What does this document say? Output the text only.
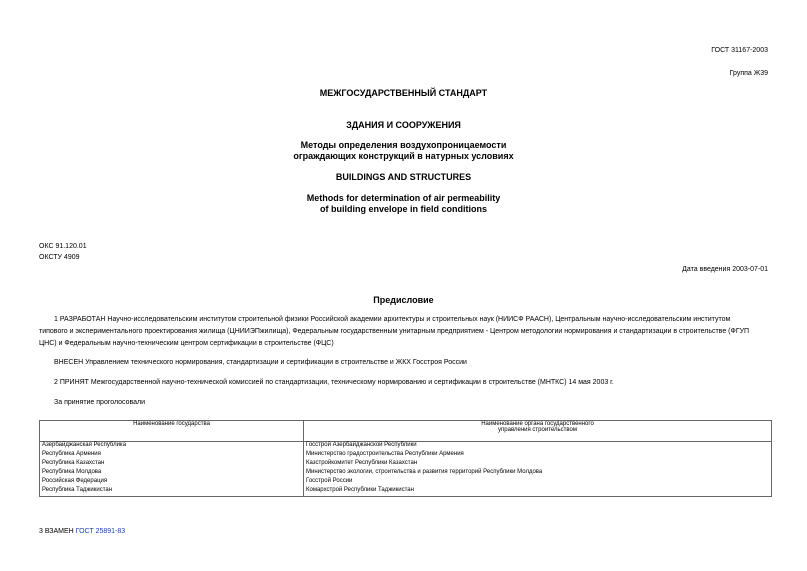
ГОСТ 31167-2003
Группа Ж39
МЕЖГОСУДАРСТВЕННЫЙ СТАНДАРТ
ЗДАНИЯ И СООРУЖЕНИЯ
Методы определения воздухопроницаемости
ограждающих конструкций в натурных условиях
BUILDINGS AND STRUCTURES
Methods for determination of air permeability
of building envelope in field conditions
ОКС 91.120.01
ОКСТУ 4909
Дата введения 2003-07-01
Предисловие
1 РАЗРАБОТАН Научно-исследовательским институтом строительной физики Российской академии архитектуры и строительных наук (НИИСФ РААСН), Центральным научно-исследовательским институтом
типового и экспериментального проектирования жилища (ЦНИИЭПжилища), Федеральным государственным унитарным предприятием - Центром методологии нормирования и стандартизации в строительстве (ФГУП
ЦНС) и Федеральным научно-техническим центром сертификации в строительстве (ФЦС)
ВНЕСЕН Управлением технического нормирования, стандартизации и сертификации в строительстве и ЖКХ Госстроя России
2 ПРИНЯТ Межгосударственной научно-технической комиссией по стандартизации, техническому нормированию и сертификации в строительстве (МНТКС) 14 мая 2003 г.
За принятие проголосовали
Наименование государства	Наименование органа государственного
управления строительством

Азербайджанская Республика	Госстрой Азербайджанской Республики
Республика Армения	Министерство градостроительства Республики Армения
Республика Казахстан	Казстройкомитет Республики Казахстан
Республика Молдова	Министерство экологии, строительства и развития территорий Республики Молдова
Российская Федерация	Госстрой России
Республика Таджикистан	Комархстрой Республики Таджикистан
3 ВЗАМЕН ГОСТ 25891-83
